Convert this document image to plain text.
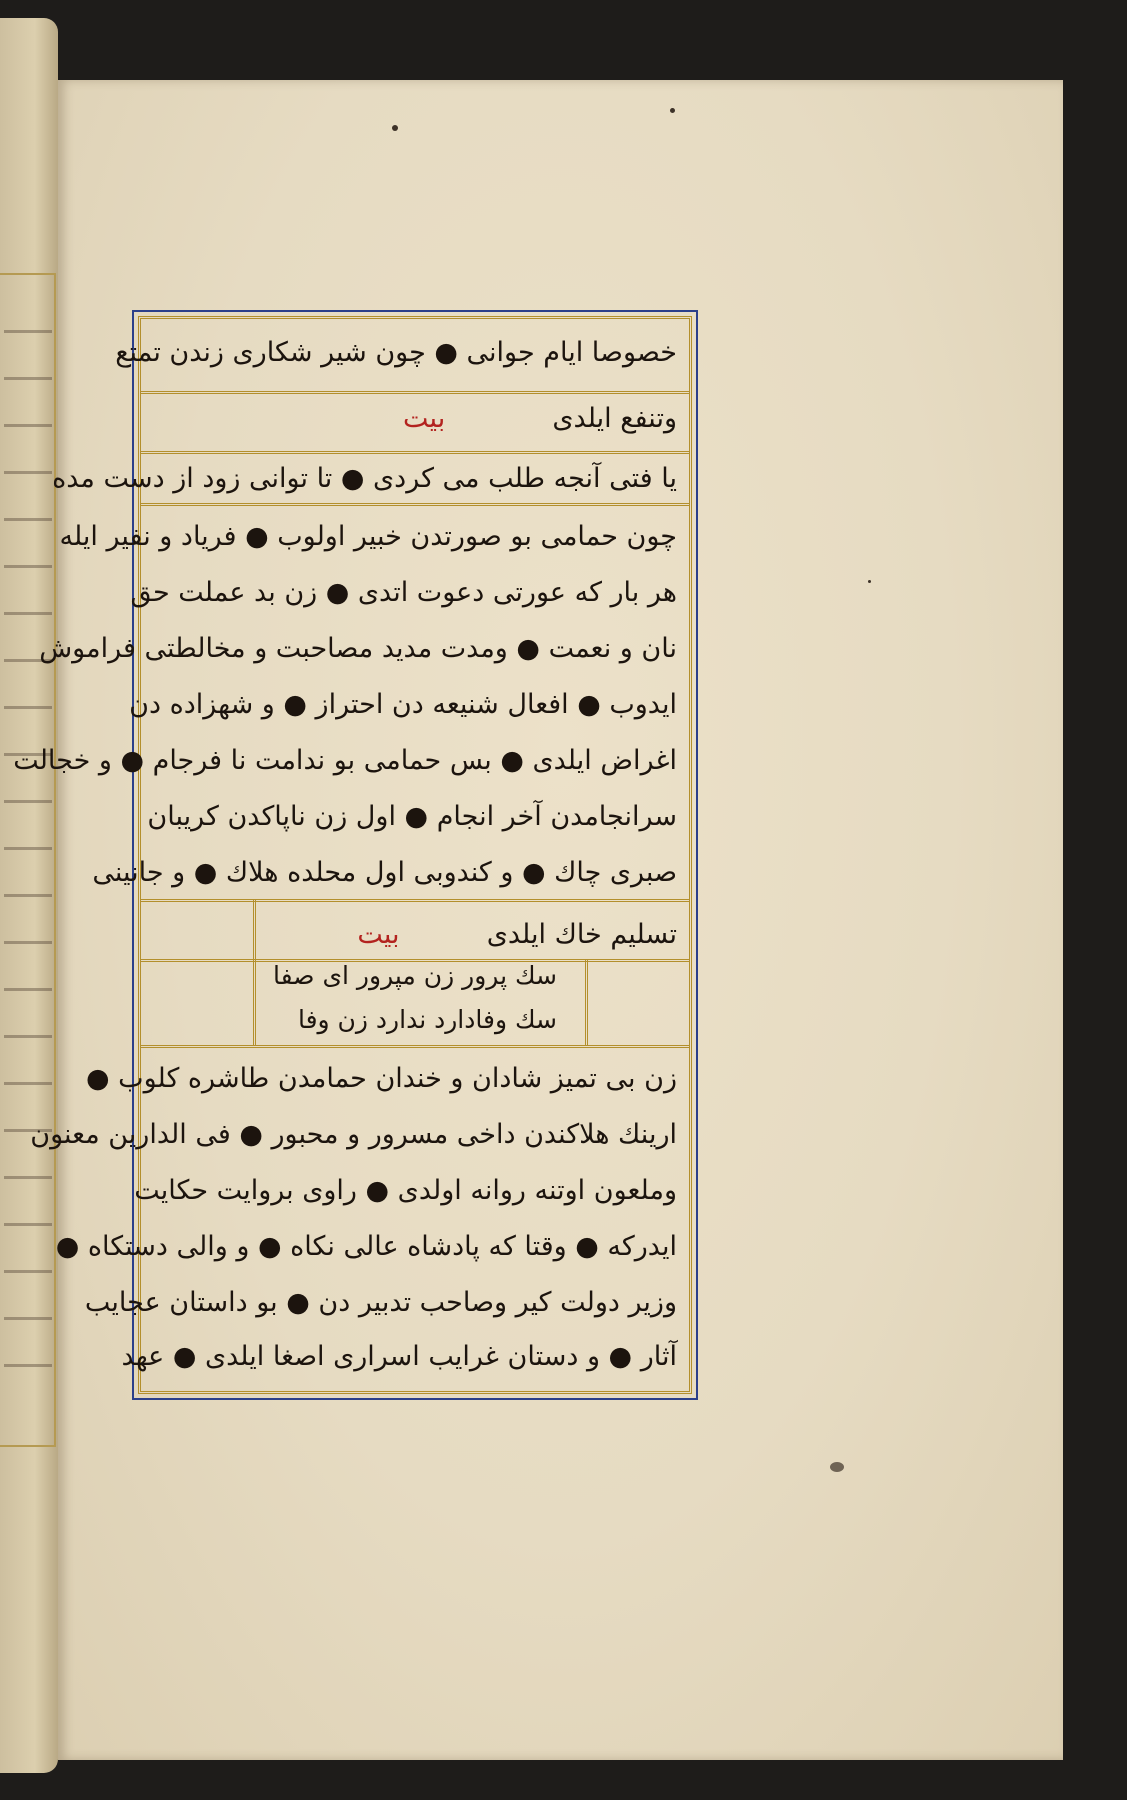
خصوصا ایام جوانی ● چون شیر شکاری زندن تمتع
وتنفع ایلدی  بيت
یا فتی آنجه طلب می کردی ● تا توانی زود از دست مده
چون حمامی بو صورتدن خبیر اولوب ● فریاد و نفیر ایله
هر بار که عورتی دعوت اتدی ● زن بد عملت حق
نان و نعمت ● ومدت مدید مصاحبت و مخالطتی فراموش
ایدوب ● افعال شنیعه دن احتراز ● و شهزاده دن
اغراض ایلدی ● بس حمامی بو ندامت نا فرجام ● و خجالت
سرانجامدن آخر انجام ● اول زن ناپاکدن کریبان
صبری چاك ● و کندوبی اول محلده هلاك ● و جانینی
تسلیم خاك ایلدی  بيت
سك پرور زن مپرور ای صفا
سك وفادارد ندارد زن وفا
زن بی تمیز شادان و خندان حمامدن طاشره کلوب ●
ارینك هلاکندن داخی مسرور و محبور ● فی الدارین معنون
وملعون اوتنه روانه اولدی ● راوی بروایت حکایت
ایدرکه ● وقتا که پادشاه عالی نکاه ● و والی دستکاه ●
وزیر دولت کیر وصاحب تدبیر دن ● بو داستان عجایب
آثار ● و دستان غرایب اسراری اصغا ایلدی ● عهد
